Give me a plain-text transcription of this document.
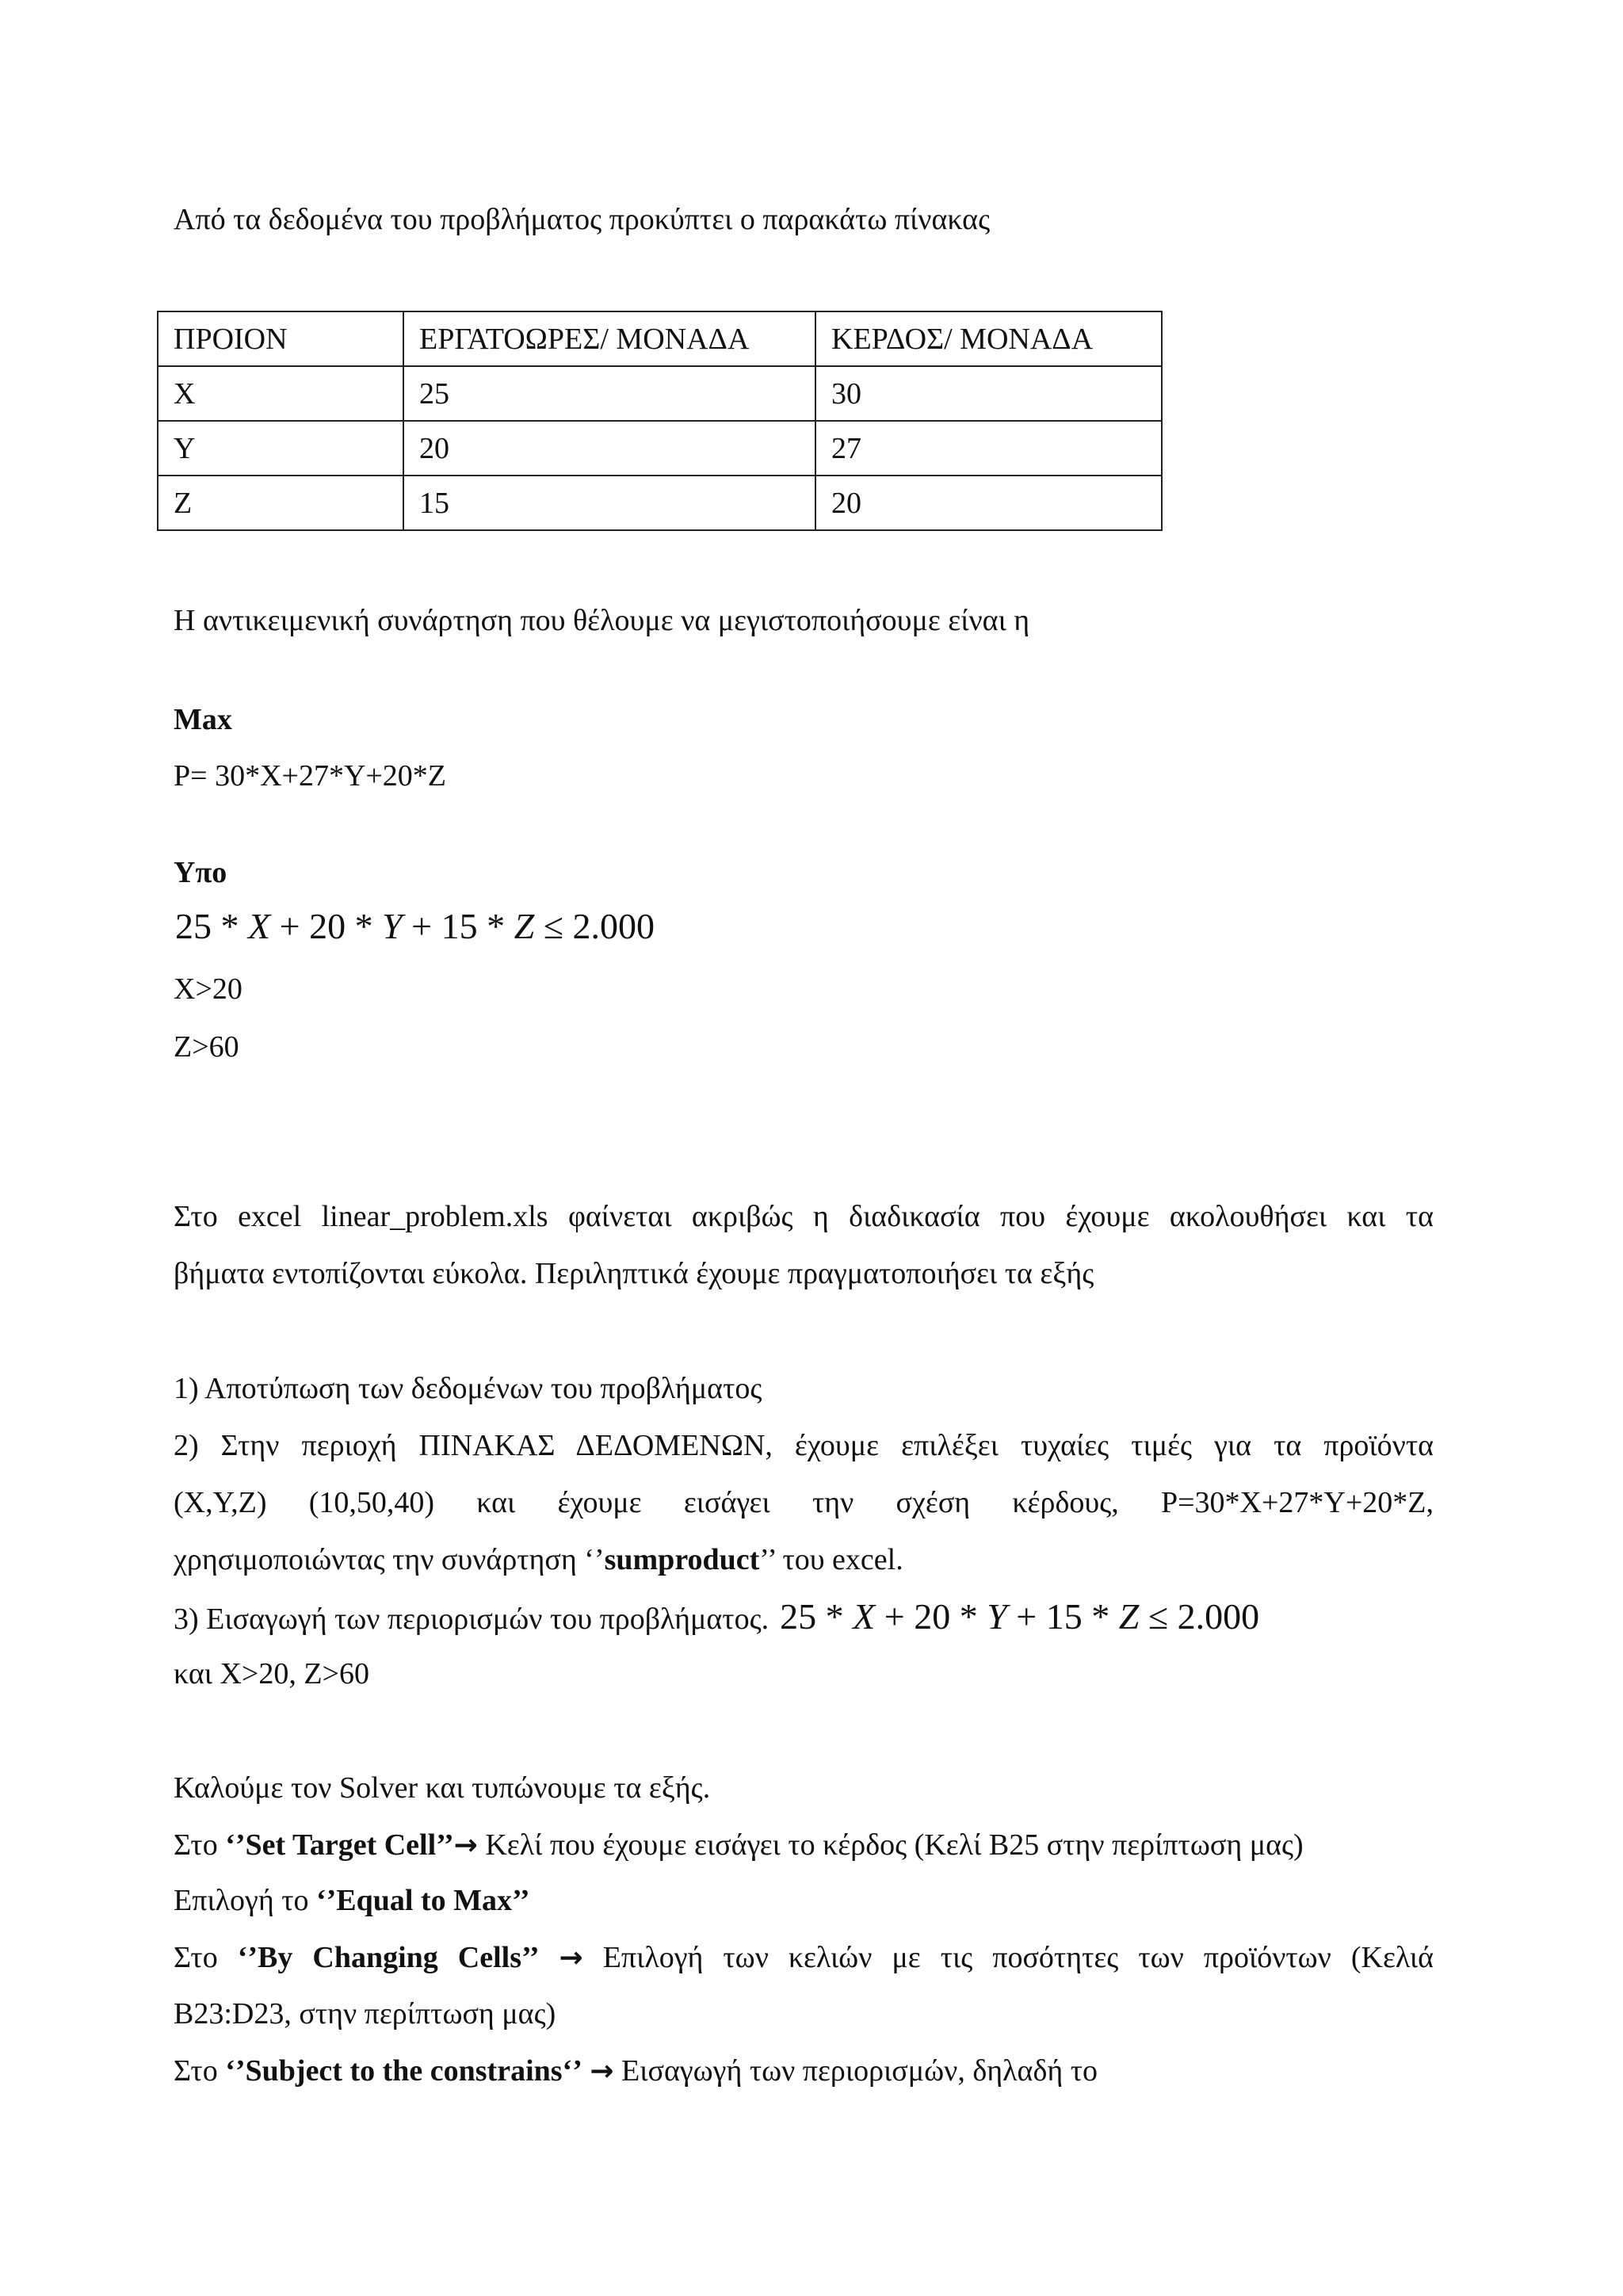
Από τα δεδομένα του προβλήματος προκύπτει ο παρακάτω πίνακας
ΠΡΟΙΟΝ	ΕΡΓΑΤΟΩΡΕΣ/ ΜΟΝΑΔΑ	ΚΕΡΔΟΣ/ ΜΟΝΑΔΑ
X	25	30
Y	20	27
Z	15	20
Η αντικειμενική συνάρτηση που θέλουμε να μεγιστοποιήσουμε είναι η
Max
P= 30*X+27*Y+20*Z
Υπο
25 * X + 20 * Y + 15 * Z ≤ 2.000
X>20
Z>60
Στο excel linear_problem.xls φαίνεται ακριβώς η διαδικασία που έχουμε ακολουθήσει και τα
βήματα εντοπίζονται εύκολα. Περιληπτικά έχουμε πραγματοποιήσει τα εξής
1) Αποτύπωση των δεδομένων του προβλήματος
2) Στην περιοχή ΠΙΝΑΚΑΣ ΔΕΔΟΜΕΝΩΝ, έχουμε επιλέξει τυχαίες τιμές για τα προϊόντα
(X,Y,Z) (10,50,40) και έχουμε εισάγει την σχέση κέρδους, P=30*X+27*Y+20*Z,
χρησιμοποιώντας την συνάρτηση ‘’sumproduct’’ του excel.
3) Εισαγωγή των περιορισμών του προβλήματος. 25 * X + 20 * Y + 15 * Z ≤ 2.000
και X>20, Z>60
Καλούμε τον Solver και τυπώνουμε τα εξής.
Στο ‘’Set Target Cell’’→ Κελί που έχουμε εισάγει το κέρδος (Κελί B25 στην περίπτωση μας)
Επιλογή το ‘’Equal to Max’’
Στο ‘’By Changing Cells’’ → Επιλογή των κελιών με τις ποσότητες των προϊόντων (Κελιά
B23:D23, στην περίπτωση μας)
Στο ‘’Subject to the constrains‘’ → Εισαγωγή των περιορισμών, δηλαδή το
